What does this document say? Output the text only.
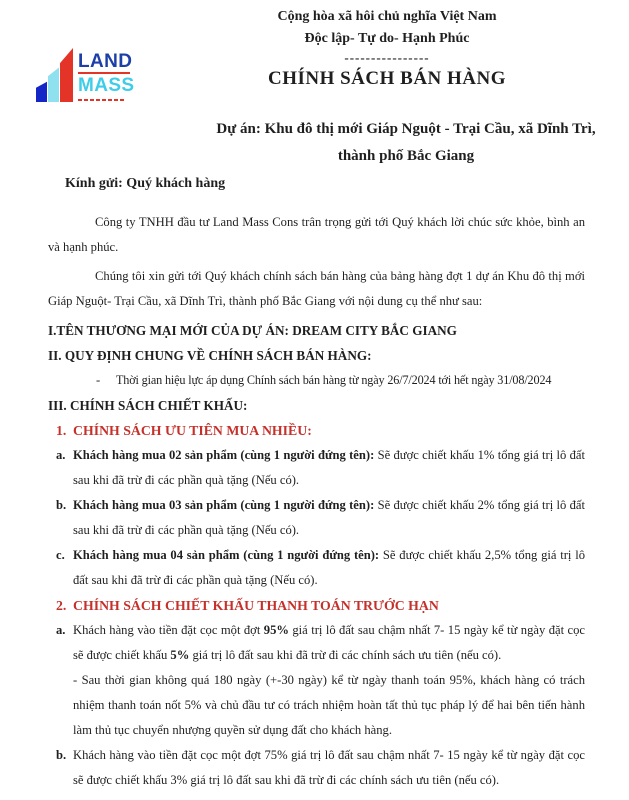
LAND
MASS
Cộng hòa xã hôi chủ nghĩa Việt Nam
Độc lập- Tự do- Hạnh Phúc
----------------
CHÍNH SÁCH BÁN HÀNG
Dự án: Khu đô thị mới Giáp Nguột - Trại Cầu, xã Dĩnh Trì,
thành phố Bắc Giang
Kính gửi: Quý khách hàng

Công ty TNHH đầu tư Land Mass Cons trân trọng gửi tới Quý khách lời chúc sức khỏe, bình an và hạnh phúc.

Chúng tôi xin gửi tới Quý khách chính sách bán hàng của bảng hàng đợt 1 dự án Khu đô thị mới Giáp Nguột- Trại Cầu, xã Dĩnh Trì, thành phố Bắc Giang với nội dung cụ thể như sau:

I.TÊN THƯƠNG MẠI MỚI CỦA DỰ ÁN: DREAM CITY BẮC GIANG
II. QUY ĐỊNH CHUNG VỀ CHÍNH SÁCH BÁN HÀNG:
-	Thời gian hiệu lực áp dụng Chính sách bán hàng từ ngày 26/7/2024 tới hết ngày 31/08/2024
III. CHÍNH SÁCH CHIẾT KHẤU:
1. CHÍNH SÁCH ƯU TIÊN MUA NHIỀU:
a. Khách hàng mua 02 sản phẩm (cùng 1 người đứng tên): Sẽ được chiết khấu 1% tổng giá trị lô đất sau khi đã trừ đi các phần quà tặng (Nếu có).
b. Khách hàng mua 03 sản phẩm (cùng 1 người đứng tên): Sẽ được chiết khấu 2% tổng giá trị lô đất sau khi đã trừ đi các phần quà tặng (Nếu có).
c. Khách hàng mua 04 sản phẩm (cùng 1 người đứng tên): Sẽ được chiết khấu 2,5% tổng giá trị lô đất sau khi đã trừ đi các phần quà tặng (Nếu có).
2. CHÍNH SÁCH CHIẾT KHẤU THANH TOÁN TRƯỚC HẠN
a. Khách hàng vào tiền đặt cọc một đợt 95% giá trị lô đất sau chậm nhất 7- 15 ngày kể từ ngày đặt cọc sẽ được chiết khấu 5% giá trị lô đất sau khi đã trừ đi các chính sách ưu tiên (nếu có).
- Sau thời gian không quá 180 ngày (+-30 ngày) kể từ ngày thanh toán 95%, khách hàng có trách nhiệm thanh toán nốt 5% và chủ đầu tư có trách nhiệm hoàn tất thủ tục pháp lý để hai bên tiến hành làm thủ tục chuyển nhượng quyền sử dụng đất cho khách hàng.
b. Khách hàng vào tiền đặt cọc một đợt 75% giá trị lô đất sau chậm nhất 7- 15 ngày kể từ ngày đặt cọc sẽ được chiết khấu 3% giá trị lô đất sau khi đã trừ đi các chính sách ưu tiên (nếu có).
